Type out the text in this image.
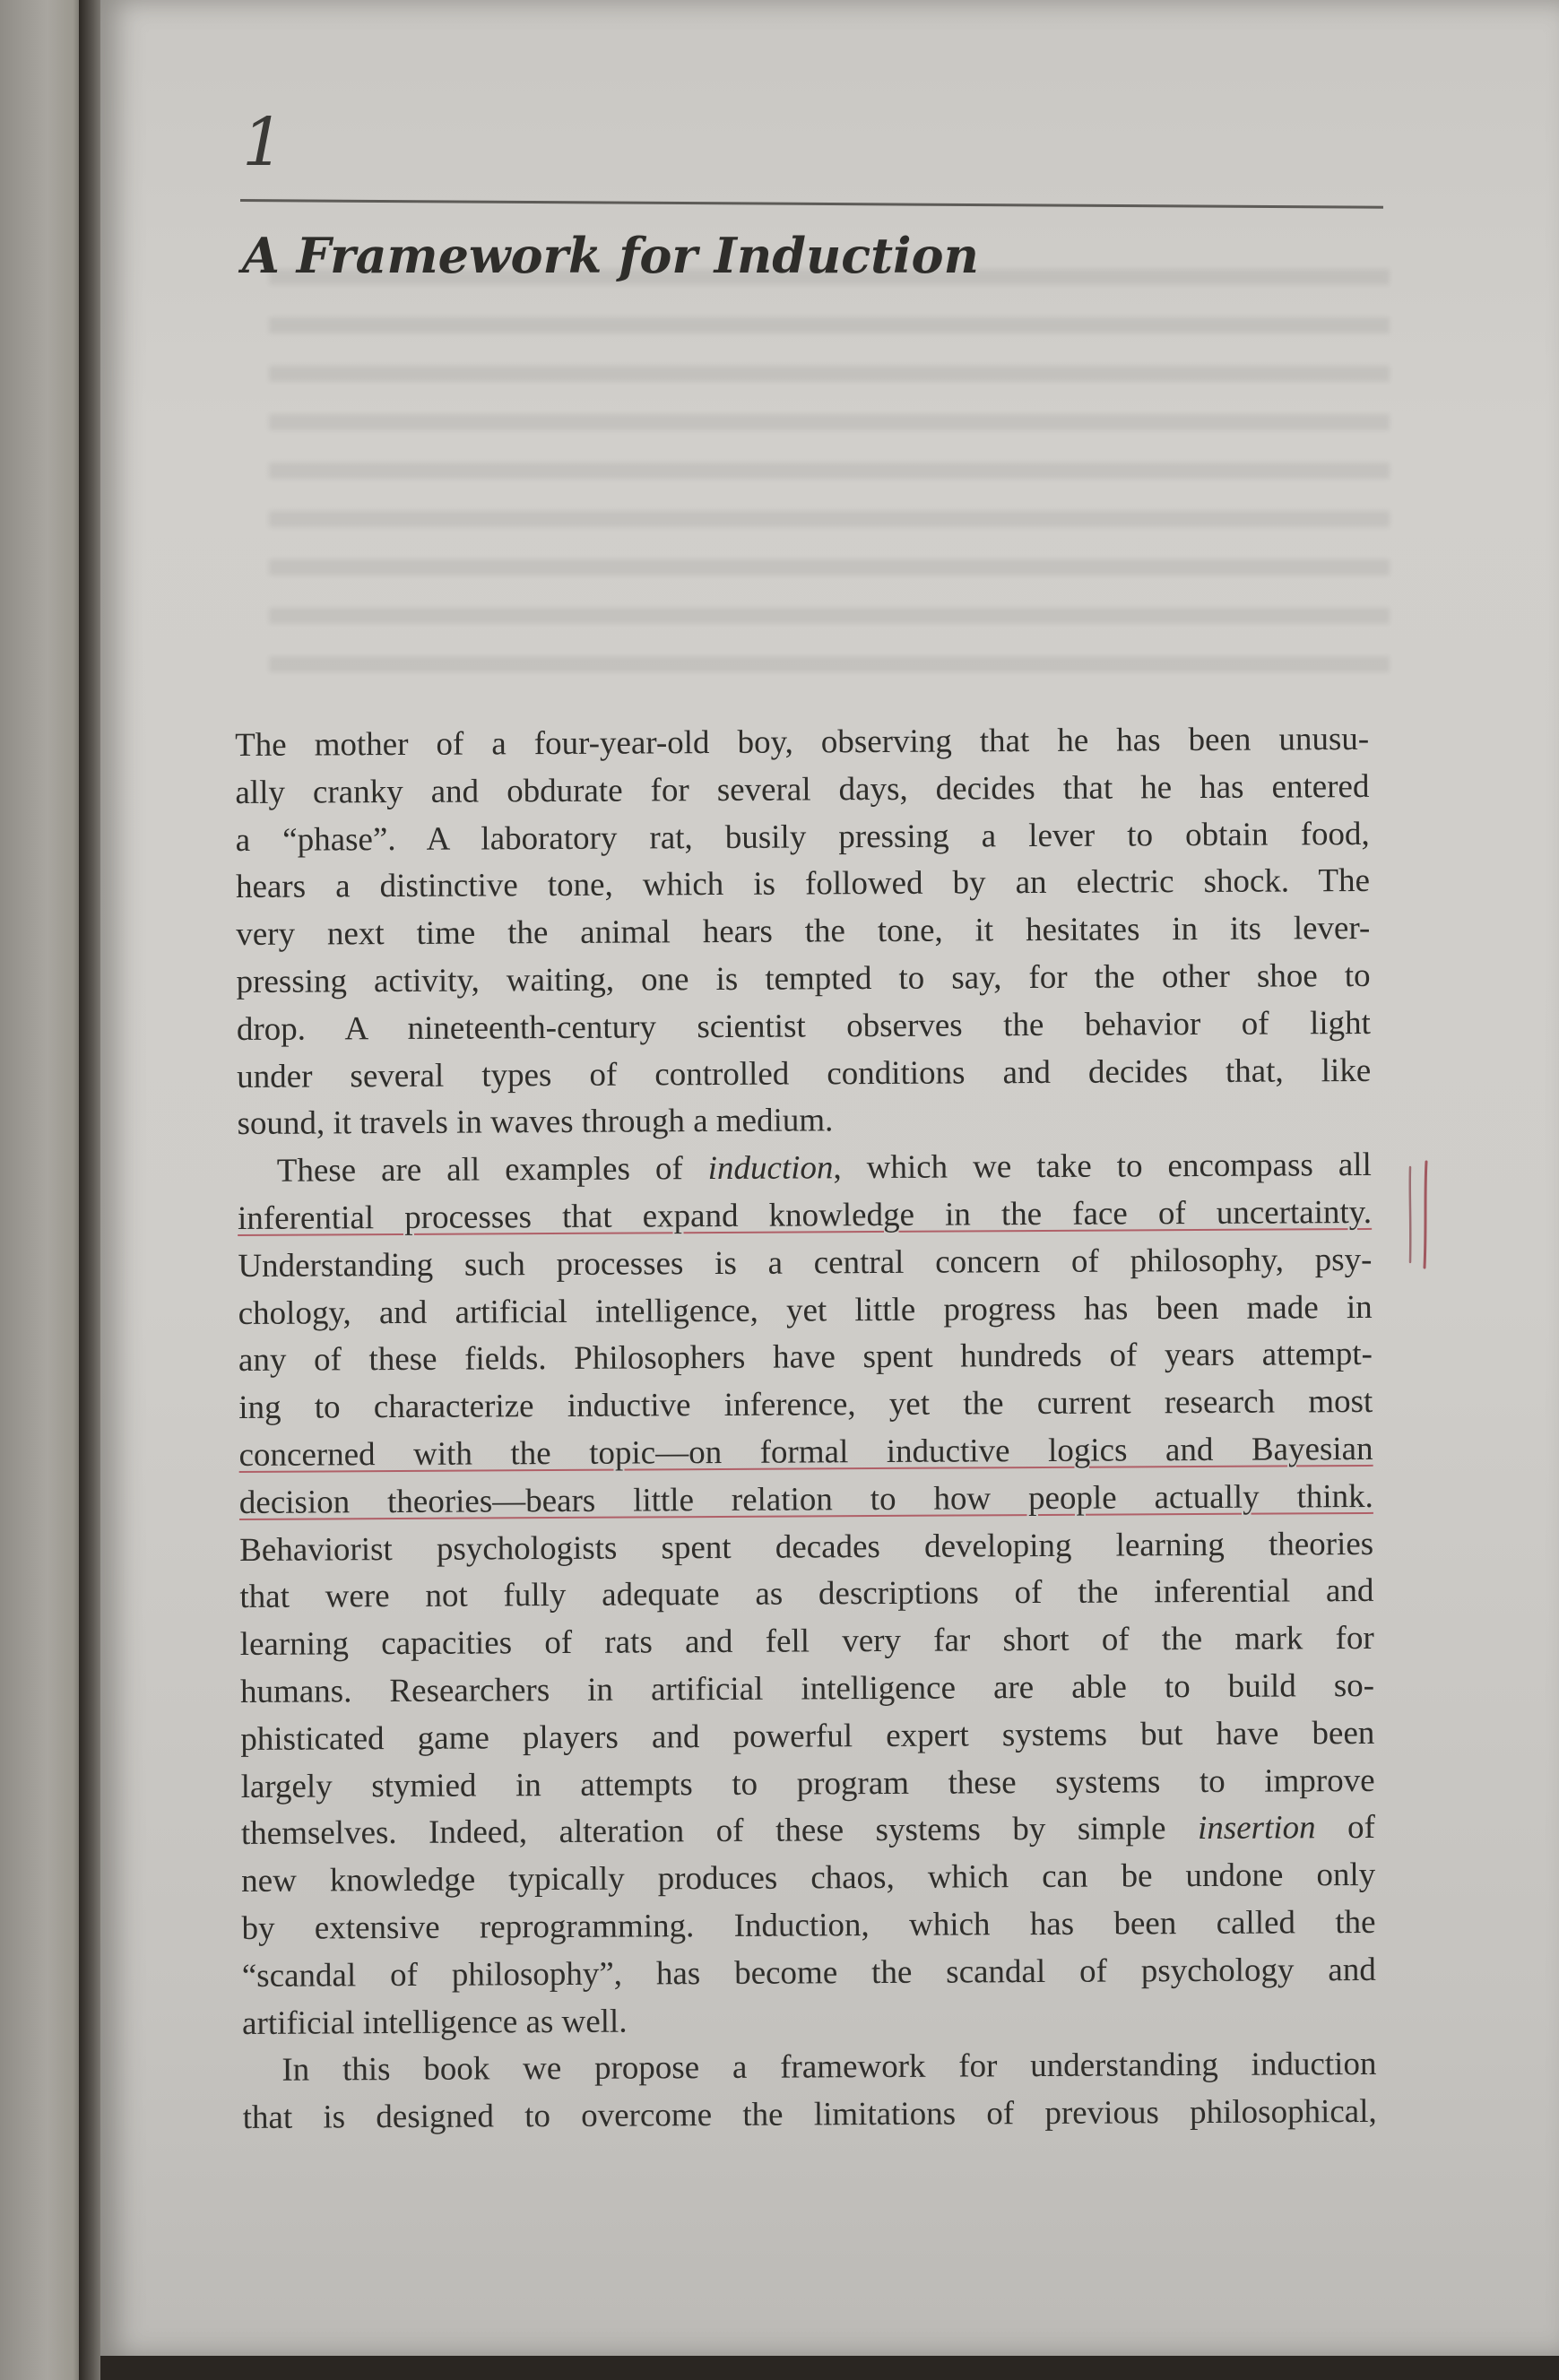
1
A Framework for Induction
The mother of a four-year-old boy, observing that he has been unusu-
ally cranky and obdurate for several days, decides that he has entered
a “phase”. A laboratory rat, busily pressing a lever to obtain food,
hears a distinctive tone, which is followed by an electric shock. The
very next time the animal hears the tone, it hesitates in its lever-
pressing activity, waiting, one is tempted to say, for the other shoe to
drop. A nineteenth-century scientist observes the behavior of light
under several types of controlled conditions and decides that, like
sound, it travels in waves through a medium.
These are all examples of induction, which we take to encompass all
inferential processes that expand knowledge in the face of uncertainty.
Understanding such processes is a central concern of philosophy, psy-
chology, and artificial intelligence, yet little progress has been made in
any of these fields. Philosophers have spent hundreds of years attempt-
ing to characterize inductive inference, yet the current research most
concerned with the topic—on formal inductive logics and Bayesian
decision theories—bears little relation to how people actually think.
Behaviorist psychologists spent decades developing learning theories
that were not fully adequate as descriptions of the inferential and
learning capacities of rats and fell very far short of the mark for
humans. Researchers in artificial intelligence are able to build so-
phisticated game players and powerful expert systems but have been
largely stymied in attempts to program these systems to improve
themselves. Indeed, alteration of these systems by simple insertion of
new knowledge typically produces chaos, which can be undone only
by extensive reprogramming. Induction, which has been called the
“scandal of philosophy”, has become the scandal of psychology and
artificial intelligence as well.
In this book we propose a framework for understanding induction
that is designed to overcome the limitations of previous philosophical,
